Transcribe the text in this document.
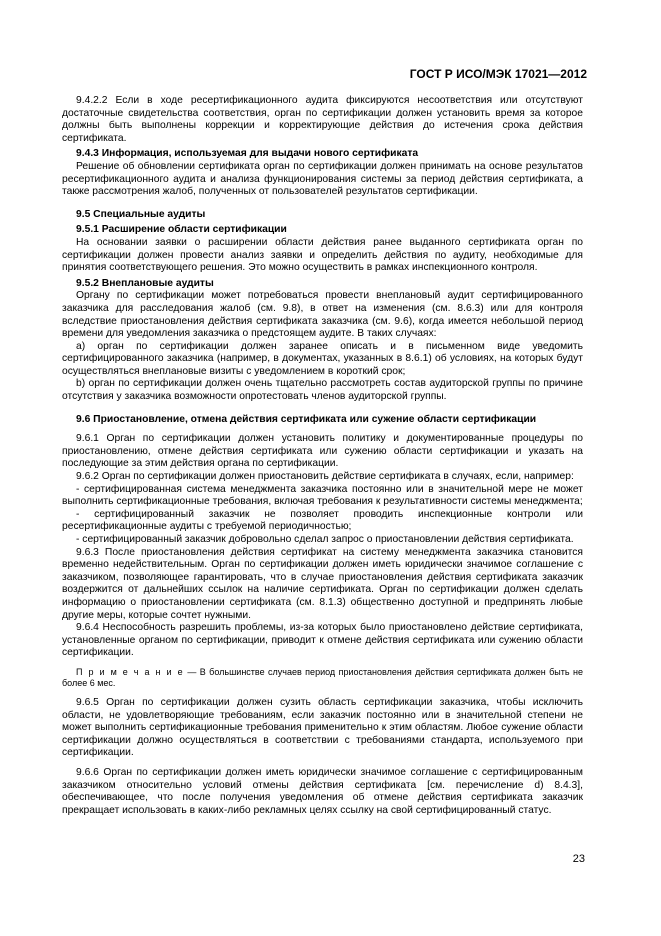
ГОСТ Р ИСО/МЭК 17021—2012

9.4.2.2 Если в ходе ресертификационного аудита фиксируются несоответствия или отсутствуют достаточные свидетельства соответствия, орган по сертификации должен установить время за которое должны быть выполнены коррекции и корректирующие действия до истечения срока действия сертификата.

9.4.3 Информация, используемая для выдачи нового сертификата

Решение об обновлении сертификата орган по сертификации должен принимать на основе результатов ресертификационного аудита и анализа функционирования системы за период действия сертификата, а также рассмотрения жалоб, полученных от пользователей результатов сертификации.

9.5 Специальные аудиты

9.5.1 Расширение области сертификации

На основании заявки о расширении области действия ранее выданного сертификата орган по сертификации должен провести анализ заявки и определить действия по аудиту, необходимые для принятия соответствующего решения. Это можно осуществить в рамках инспекционного контроля.

9.5.2 Внеплановые аудиты

Органу по сертификации может потребоваться провести внеплановый аудит сертифицированного заказчика для расследования жалоб (см. 9.8), в ответ на изменения (см. 8.6.3) или для контроля вследствие приостановления действия сертификата заказчика (см. 9.6), когда имеется небольшой период времени для уведомления заказчика о предстоящем аудите. В таких случаях:

a) орган по сертификации должен заранее описать и в письменном виде уведомить сертифицированного заказчика (например, в документах, указанных в 8.6.1) об условиях, на которых будут осуществляться внеплановые визиты с уведомлением в короткий срок;

b) орган по сертификации должен очень тщательно рассмотреть состав аудиторской группы по причине отсутствия у заказчика возможности опротестовать членов аудиторской группы.

9.6 Приостановление, отмена действия сертификата или сужение области сертификации

9.6.1 Орган по сертификации должен установить политику и документированные процедуры по приостановлению, отмене действия сертификата или сужению области сертификации и указать на последующие за этим действия органа по сертификации.

9.6.2 Орган по сертификации должен приостановить действие сертификата в случаях, если, например:

- сертифицированная система менеджмента заказчика постоянно или в значительной мере не может выполнить сертификационные требования, включая требования к результативности системы менеджмента;

- сертифицированный заказчик не позволяет проводить инспекционные контроли или ресертификационные аудиты с требуемой периодичностью;

- сертифицированный заказчик добровольно сделал запрос о приостановлении действия сертификата.

9.6.3 После приостановления действия сертификат на систему менеджмента заказчика становится временно недействительным. Орган по сертификации должен иметь юридически значимое соглашение с заказчиком, позволяющее гарантировать, что в случае приостановления действия сертификата заказчик воздержится от дальнейших ссылок на наличие сертификата. Орган по сертификации должен сделать информацию о приостановлении сертификата (см. 8.1.3) общественно доступной и предпринять любые другие меры, которые сочтет нужными.

9.6.4 Неспособность разрешить проблемы, из-за которых было приостановлено действие сертификата, установленные органом по сертификации, приводит к отмене действия сертификата или сужению области сертификации.

П р и м е ч а н и е — В большинстве случаев период приостановления действия сертификата должен быть не более 6 мес.

9.6.5 Орган по сертификации должен сузить область сертификации заказчика, чтобы исключить области, не удовлетворяющие требованиям, если заказчик постоянно или в значительной степени не может выполнить сертификационные требования применительно к этим областям. Любое сужение области сертификации должно осуществляться в соответствии с требованиями стандарта, используемого при сертификации.

9.6.6 Орган по сертификации должен иметь юридически значимое соглашение с сертифицированным заказчиком относительно условий отмены действия сертификата [см. перечисление d) 8.4.3], обеспечивающее, что после получения уведомления об отмене действия сертификата заказчик прекращает использовать в каких-либо рекламных целях ссылку на свой сертифицированный статус.

23
